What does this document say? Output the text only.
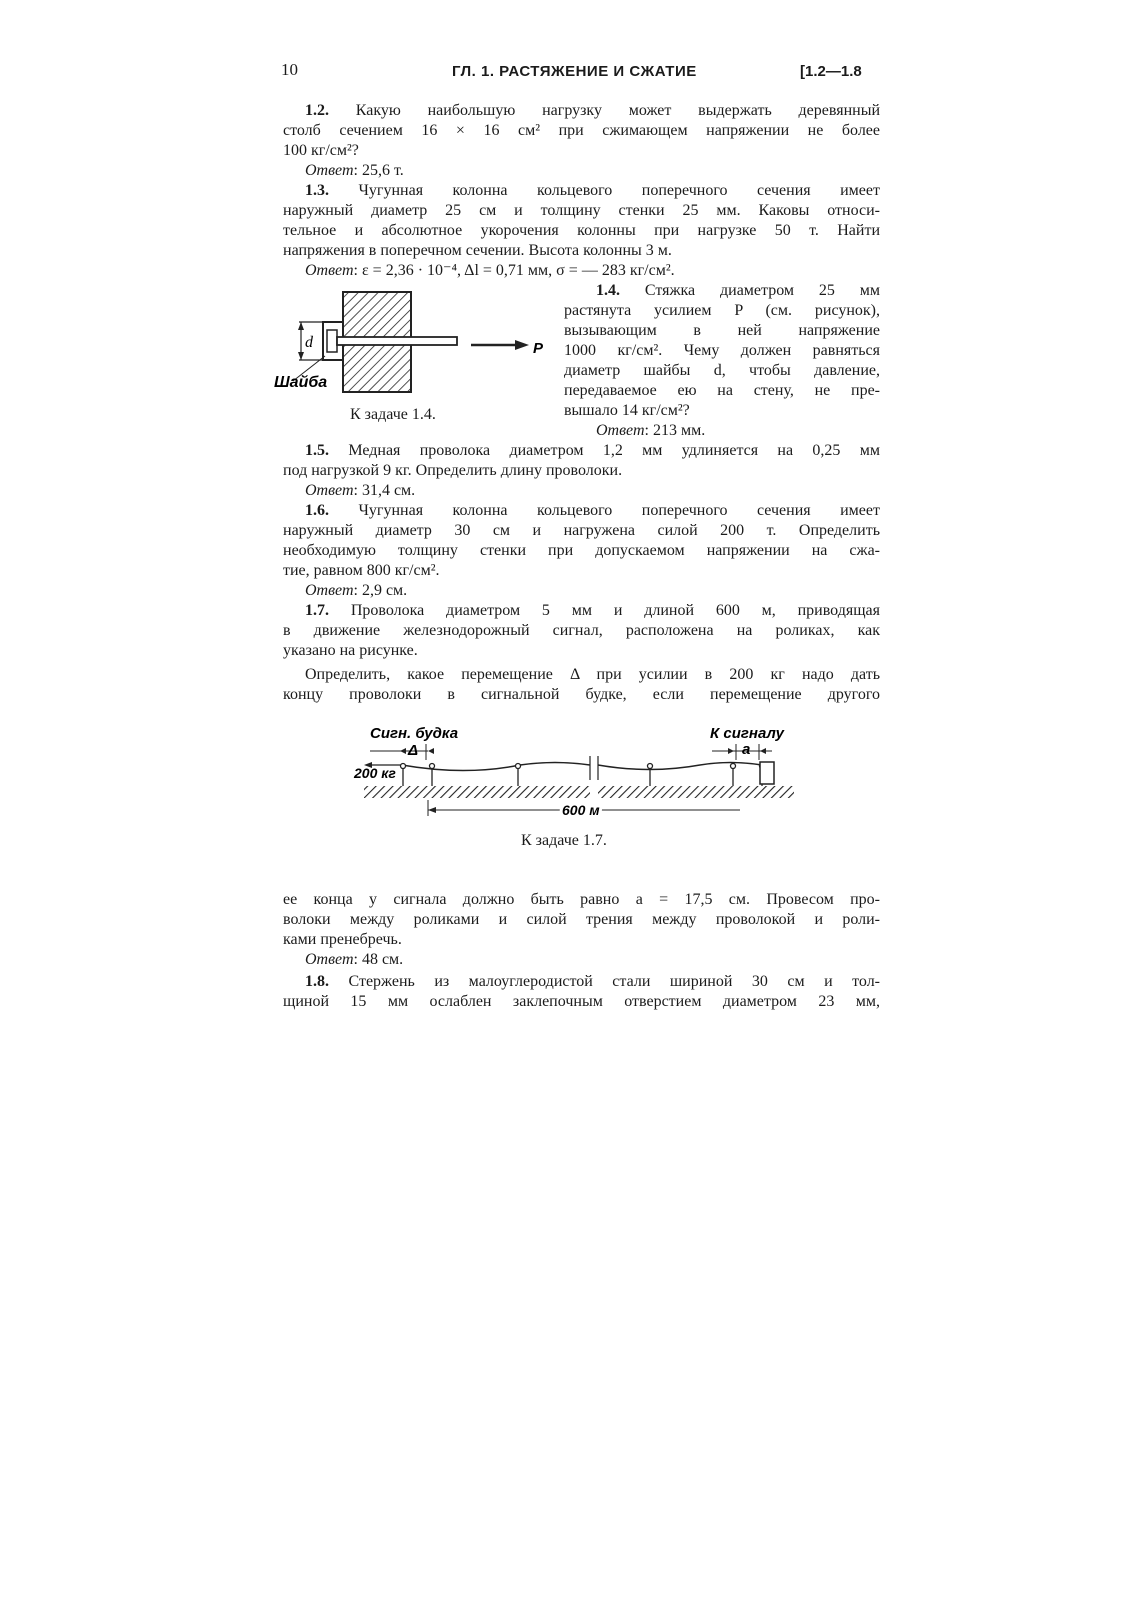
10	ГЛ. 1. РАСТЯЖЕНИЕ И СЖАТИЕ	[1.2—1.8

1.2. Какую наибольшую нагрузку может выдержать деревянный

столб сечением 16 × 16 см² при сжимающем напряжении не более

100 кг/см²?

Ответ: 25,6 т.

1.3. Чугунная колонна кольцевого поперечного сечения имеет

наружный диаметр 25 см и толщину стенки 25 мм. Каковы относи-

тельное и абсолютное укорочения колонны при нагрузке 50 т. Найти

напряжения в поперечном сечении. Высота колонны 3 м.

Ответ: ε = 2,36 · 10⁻⁴, Δl = 0,71 мм, σ = — 283 кг/см².

d
Шайба
P
К задаче 1.4.

1.4. Стяжка диаметром 25 мм

растянута усилием P (см. рисунок),

вызывающим в ней напряжение

1000 кг/см². Чему должен равняться

диаметр шайбы d, чтобы давление,

передаваемое ею на стену, не пре-

вышало 14 кг/см²?

Ответ: 213 мм.

1.5. Медная проволока диаметром 1,2 мм удлиняется на 0,25 мм

под нагрузкой 9 кг. Определить длину проволоки.

Ответ: 31,4 см.

1.6. Чугунная колонна кольцевого поперечного сечения имеет

наружный диаметр 30 см и нагружена силой 200 т. Определить

необходимую толщину стенки при допускаемом напряжении на сжа-

тие, равном 800 кг/см².

Ответ: 2,9 см.

1.7. Проволока диаметром 5 мм и длиной 600 м, приводящая

в движение железнодорожный сигнал, расположена на роликах, как

указано на рисунке.

Определить, какое перемещение Δ при усилии в 200 кг надо дать

концу проволоки в сигнальной будке, если перемещение другого

Сигн. будка	К сигналу
Δ	a
200 кг
600 м
К задаче 1.7.

ее конца у сигнала должно быть равно a = 17,5 см. Провесом про-

волоки между роликами и силой трения между проволокой и роли-

ками пренебречь.

Ответ: 48 см.

1.8. Стержень из малоуглеродистой стали шириной 30 см и тол-

щиной 15 мм ослаблен заклепочным отверстием диаметром 23 мм,
